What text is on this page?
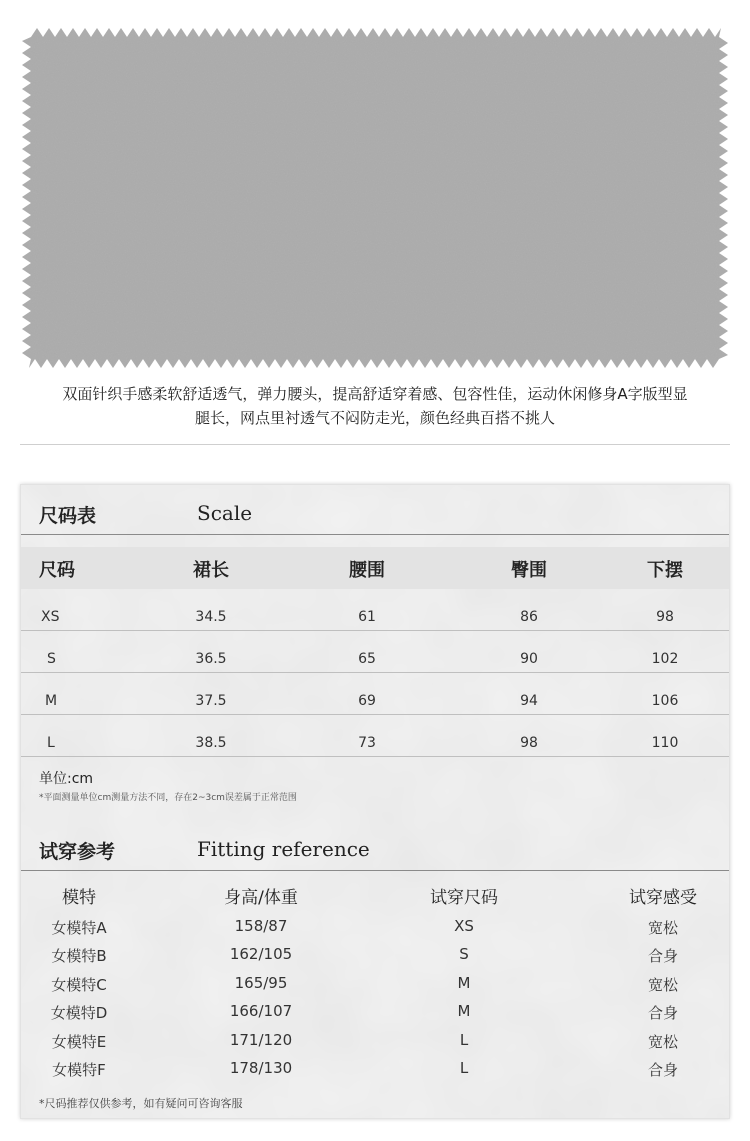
双面针织手感柔软舒适透气，弹力腰头，提高舒适穿着感、包容性佳，运动休闲修身A字版型显
腿长，网点里衬透气不闷防走光，颜色经典百搭不挑人
尺码表	Scale
尺码	裙长	腰围	臀围	下摆
XS	34.5	61	86	98
S	36.5	65	90	102
M	37.5	69	94	106
L	38.5	73	98	110
单位:cm
*平面测量单位cm测量方法不同，存在2~3cm误差属于正常范围
试穿参考	Fitting reference
模特	身高/体重	试穿尺码	试穿感受
女模特A	158/87	XS	宽松
女模特B	162/105	S	合身
女模特C	165/95	M	宽松
女模特D	166/107	M	合身
女模特E	171/120	L	宽松
女模特F	178/130	L	合身
*尺码推荐仅供参考，如有疑问可咨询客服
